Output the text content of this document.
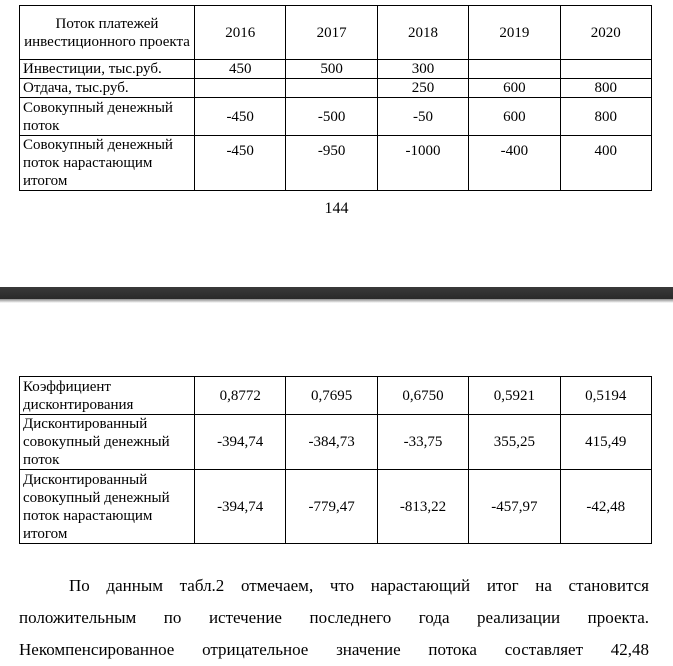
Поток платежей инвестиционного проекта	2016	2017	2018	2019	2020
Инвестиции, тыс.руб.	450	500	300		
Отдача, тыс.руб.			250	600	800
Совокупный денежный поток	-450	-500	-50	600	800
Совокупный денежный поток нарастающим итогом	-450	-950	-1000	-400	400
144
Коэффициент дисконтирования	0,8772	0,7695	0,6750	0,5921	0,5194
Дисконтированный совокупный денежный поток	-394,74	-384,73	-33,75	355,25	415,49
Дисконтированный совокупный денежный поток нарастающим итогом	-394,74	-779,47	-813,22	-457,97	-42,48
По данным табл.2 отмечаем, что нарастающий итог на становится
положительным по истечение последнего года реализации проекта.
Некомпенсированное отрицательное значение потока составляет 42,48
